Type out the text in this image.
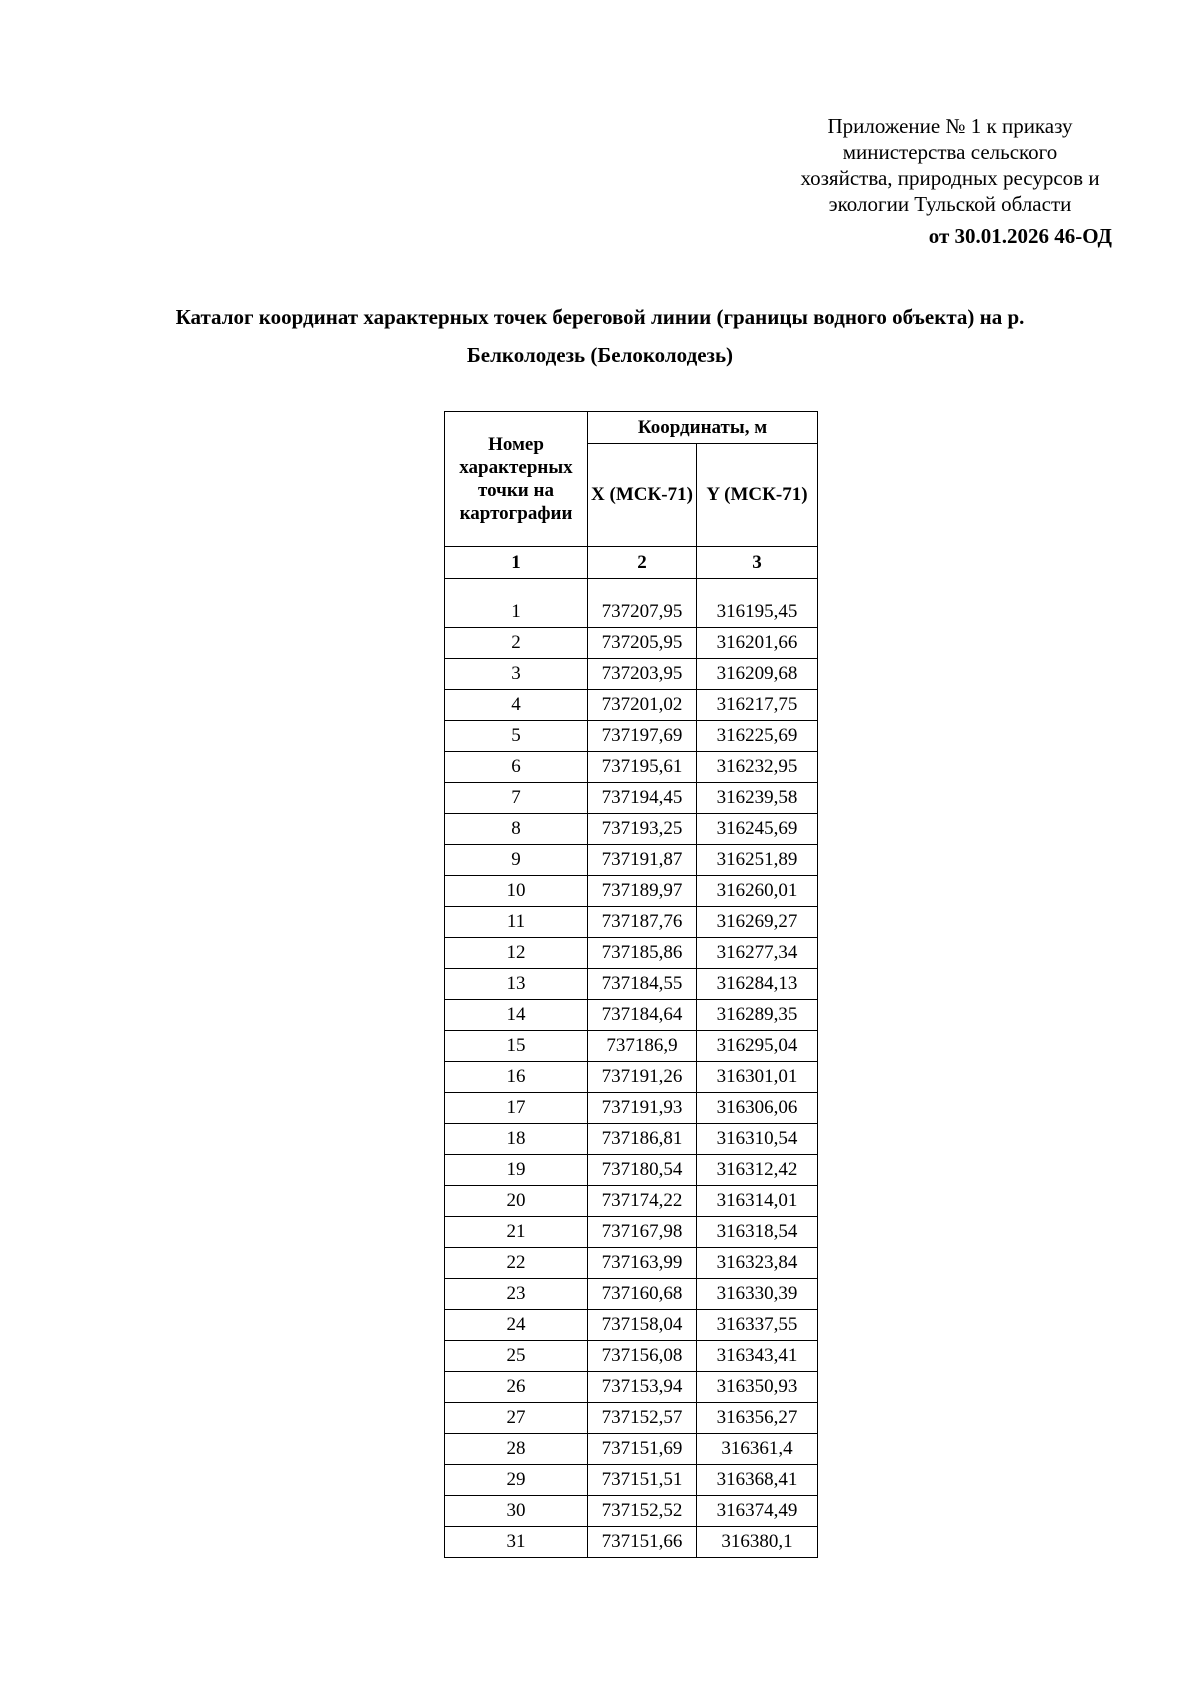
Приложение № 1 к приказу
министерства сельского
хозяйства, природных ресурсов и
экологии Тульской области
от 30.01.2026 46-ОД
Каталог координат характерных точек береговой линии (границы водного объекта) на р.
Белколодезь (Белоколодезь)
Номер
характерных
точки на
картографии	Координаты, м	
	X (МСК-71)	Y (МСК-71)
1	2	3
1	737207,95	316195,45
2	737205,95	316201,66
3	737203,95	316209,68
4	737201,02	316217,75
5	737197,69	316225,69
6	737195,61	316232,95
7	737194,45	316239,58
8	737193,25	316245,69
9	737191,87	316251,89
10	737189,97	316260,01
11	737187,76	316269,27
12	737185,86	316277,34
13	737184,55	316284,13
14	737184,64	316289,35
15	737186,9	316295,04
16	737191,26	316301,01
17	737191,93	316306,06
18	737186,81	316310,54
19	737180,54	316312,42
20	737174,22	316314,01
21	737167,98	316318,54
22	737163,99	316323,84
23	737160,68	316330,39
24	737158,04	316337,55
25	737156,08	316343,41
26	737153,94	316350,93
27	737152,57	316356,27
28	737151,69	316361,4
29	737151,51	316368,41
30	737152,52	316374,49
31	737151,66	316380,1
